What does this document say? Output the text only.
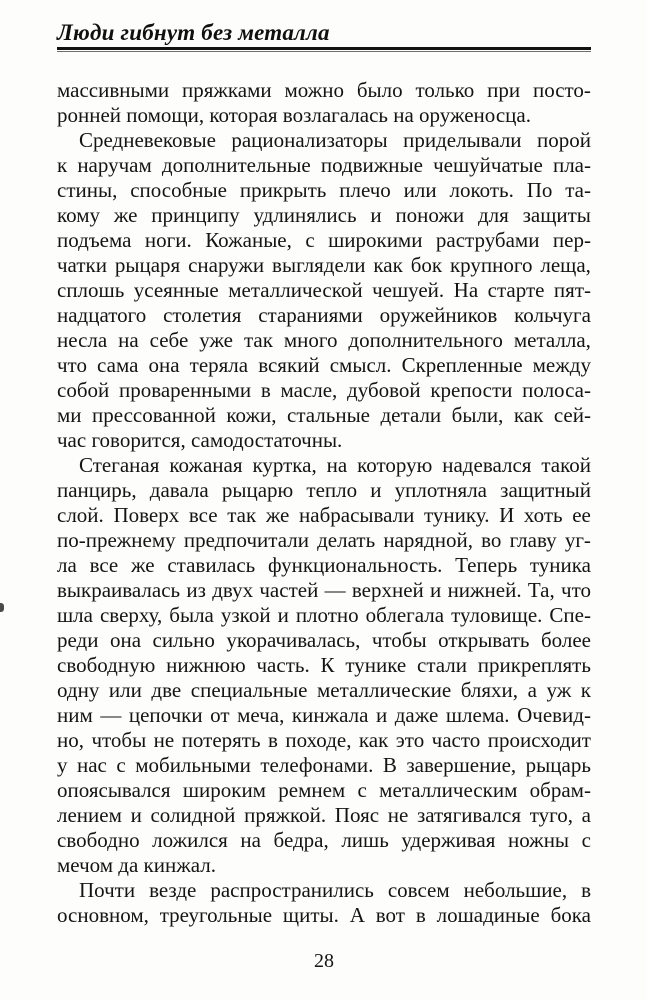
Люди гибнут без металла
массивными пряжками можно было только при посто-
ронней помощи, которая возлагалась на оруженосца.
Средневековые рационализаторы приделывали порой
к наручам дополнительные подвижные чешуйчатые пла-
стины, способные прикрыть плечо или локоть. По та-
кому же принципу удлинялись и поножи для защиты
подъема ноги. Кожаные, с широкими раструбами пер-
чатки рыцаря снаружи выглядели как бок крупного леща,
сплошь усеянные металлической чешуей. На старте пят-
надцатого столетия стараниями оружейников кольчуга
несла на себе уже так много дополнительного металла,
что сама она теряла всякий смысл. Скрепленные между
собой проваренными в масле, дубовой крепости полоса-
ми прессованной кожи, стальные детали были, как сей-
час говорится, самодостаточны.
Стеганая кожаная куртка, на которую надевался такой
панцирь, давала рыцарю тепло и уплотняла защитный
слой. Поверх все так же набрасывали тунику. И хоть ее
по-прежнему предпочитали делать нарядной, во главу уг-
ла все же ставилась функциональность. Теперь туника
выкраивалась из двух частей — верхней и нижней. Та, что
шла сверху, была узкой и плотно облегала туловище. Спе-
реди она сильно укорачивалась, чтобы открывать более
свободную нижнюю часть. К тунике стали прикреплять
одну или две специальные металлические бляхи, а уж к
ним — цепочки от меча, кинжала и даже шлема. Очевид-
но, чтобы не потерять в походе, как это часто происходит
у нас с мобильными телефонами. В завершение, рыцарь
опоясывался широким ремнем с металлическим обрам-
лением и солидной пряжкой. Пояс не затягивался туго, а
свободно ложился на бедра, лишь удерживая ножны с
мечом да кинжал.
Почти везде распространились совсем небольшие, в
основном, треугольные щиты. А вот в лошадиные бока
28
